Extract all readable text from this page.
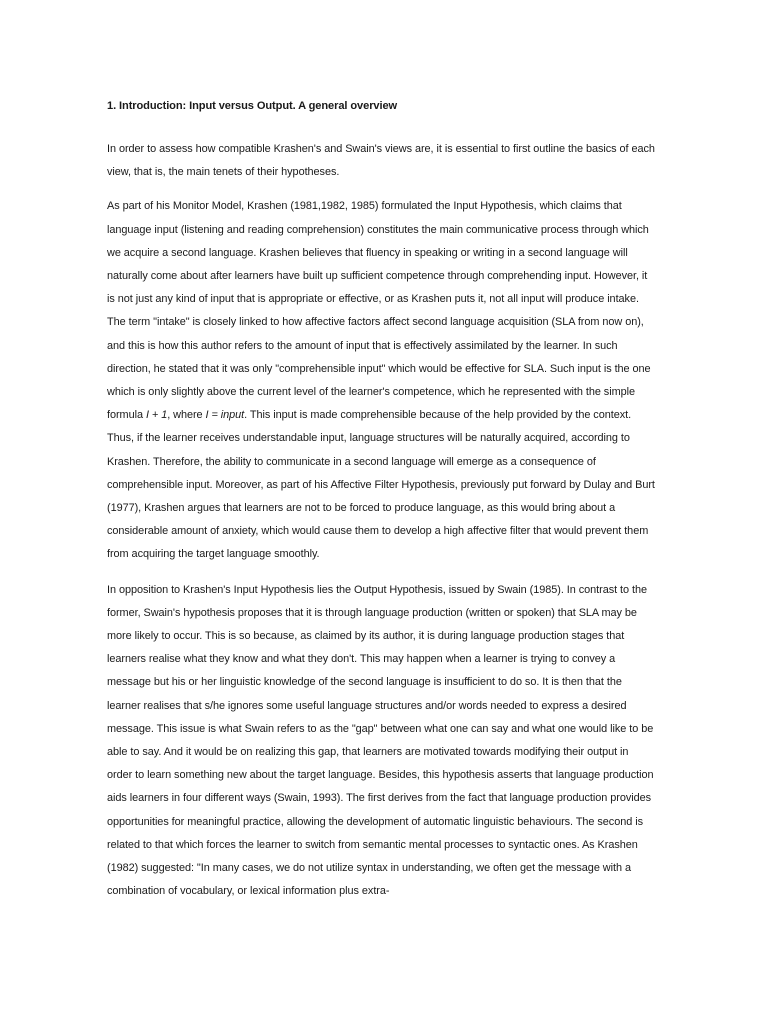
1. Introduction: Input versus Output. A general overview

In order to assess how compatible Krashen's and Swain's views are, it is essential to first outline the basics of each view, that is, the main tenets of their hypotheses.

As part of his Monitor Model, Krashen (1981,1982, 1985) formulated the Input Hypothesis, which claims that language input (listening and reading comprehension) constitutes the main communicative process through which we acquire a second language. Krashen believes that fluency in speaking or writing in a second language will naturally come about after learners have built up sufficient competence through comprehending input. However, it is not just any kind of input that is appropriate or effective, or as Krashen puts it, not all input will produce intake. The term "intake" is closely linked to how affective factors affect second language acquisition (SLA from now on), and this is how this author refers to the amount of input that is effectively assimilated by the learner. In such direction, he stated that it was only "comprehensible input" which would be effective for SLA. Such input is the one which is only slightly above the current level of the learner's competence, which he represented with the simple formula I + 1, where I = input. This input is made comprehensible because of the help provided by the context. Thus, if the learner receives understandable input, language structures will be naturally acquired, according to Krashen. Therefore, the ability to communicate in a second language will emerge as a consequence of comprehensible input. Moreover, as part of his Affective Filter Hypothesis, previously put forward by Dulay and Burt (1977), Krashen argues that learners are not to be forced to produce language, as this would bring about a considerable amount of anxiety, which would cause them to develop a high affective filter that would prevent them from acquiring the target language smoothly.

In opposition to Krashen's Input Hypothesis lies the Output Hypothesis, issued by Swain (1985). In contrast to the former, Swain's hypothesis proposes that it is through language production (written or spoken) that SLA may be more likely to occur. This is so because, as claimed by its author, it is during language production stages that learners realise what they know and what they don't. This may happen when a learner is trying to convey a message but his or her linguistic knowledge of the second language is insufficient to do so. It is then that the learner realises that s/he ignores some useful language structures and/or words needed to express a desired message. This issue is what Swain refers to as the "gap" between what one can say and what one would like to be able to say. And it would be on realizing this gap, that learners are motivated towards modifying their output in order to learn something new about the target language. Besides, this hypothesis asserts that language production aids learners in four different ways (Swain, 1993). The first derives from the fact that language production provides opportunities for meaningful practice, allowing the development of automatic linguistic behaviours. The second is related to that which forces the learner to switch from semantic mental processes to syntactic ones. As Krashen (1982) suggested: "In many cases, we do not utilize syntax in understanding, we often get the message with a combination of vocabulary, or lexical information plus extra-
